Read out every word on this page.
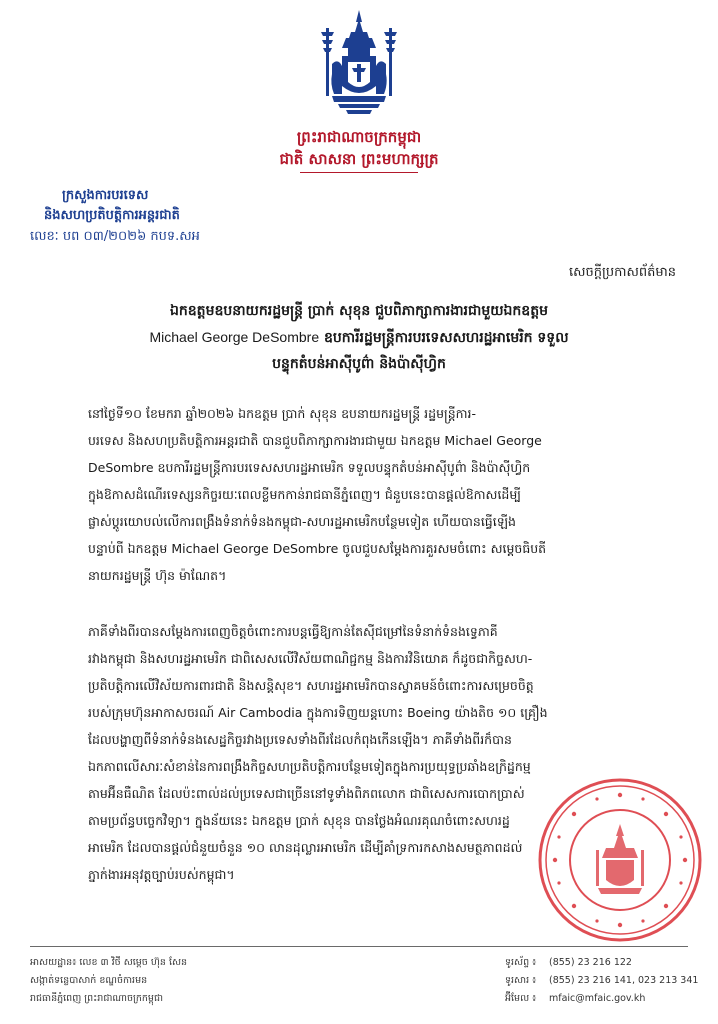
ព្រះរាជាណាចក្រកម្ពុជា
ជាតិ សាសនា ព្រះមហាក្សត្រ
ក្រសួងការបរទេស
និងសហប្រតិបត្តិការអន្តរជាតិ
លេខៈ បព ០៣/២០២៦ កបទ.សអ
សេចក្តីប្រកាសព័ត៌មាន
ឯកឧត្តមឧបនាយករដ្ឋមន្ត្រី ប្រាក់ សុខុន ជួបពិភាក្សាការងារជាមួយឯកឧត្តម
Michael George DeSombre ឧបការីរដ្ឋមន្ត្រីការបរទេសសហរដ្ឋអាមេរិក ទទួល
បន្ទុកតំបន់អាស៊ីបូព៌ា និងប៉ាស៊ីហ្វិក
នៅថ្ងៃទី១០ ខែមករា ឆ្នាំ២០២៦ ឯកឧត្តម ប្រាក់ សុខុន ឧបនាយករដ្ឋមន្ត្រី រដ្ឋមន្ត្រីការ-
បរទេស និងសហប្រតិបត្តិការអន្តរជាតិ បានជួបពិភាក្សាការងារជាមួយ ឯកឧត្តម Michael George
DeSombre ឧបការីរដ្ឋមន្ត្រីការបរទេសសហរដ្ឋអាមេរិក ទទួលបន្ទុកតំបន់អាស៊ីបូព៌ា និងប៉ាស៊ីហ្វិក
ក្នុងឱកាសដំណើរទេស្សនកិច្ចរយៈពេលខ្លីមកកាន់រាជធានីភ្នំពេញ។ ជំនួបនេះបានផ្តល់ឱកាសដើម្បី
ផ្លាស់ប្តូរយោបល់លើការពង្រឹងទំនាក់ទំនងកម្ពុជា-សហរដ្ឋអាមេរិកបន្ថែមទៀត ហើយបានធ្វើឡើង
បន្ទាប់ពី ឯកឧត្តម Michael George DeSombre ចូលជួបសម្តែងការគួរសមចំពោះ សម្តេចធិបតី
នាយករដ្ឋមន្ត្រី ហ៊ុន ម៉ាណែត។
ភាគីទាំងពីរបានសម្តែងការពេញចិត្តចំពោះការបន្តធ្វើឱ្យកាន់តែស៊ីជម្រៅនៃទំនាក់ទំនងទ្វេភាគី
រវាងកម្ពុជា និងសហរដ្ឋអាមេរិក ជាពិសេសលើវិស័យពាណិជ្ជកម្ម និងការវិនិយោគ ក៏ដូចជាកិច្ចសហ-
ប្រតិបត្តិការលើវិស័យការពារជាតិ និងសន្តិសុខ។ សហរដ្ឋអាមេរិកបានស្វាគមន៍ចំពោះការសម្រេចចិត្ត
របស់ក្រុមហ៊ុនអាកាសចរណ៍ Air Cambodia ក្នុងការទិញយន្តហោះ Boeing យ៉ាងតិច ១០ គ្រឿង
ដែលបង្ហាញពីទំនាក់ទំនងសេដ្ឋកិច្ចរវាងប្រទេសទាំងពីរដែលកំពុងកើនឡើង។ ភាគីទាំងពីរក៏បាន
ឯកភាពលើសារៈសំខាន់នៃការពង្រឹងកិច្ចសហប្រតិបត្តិការបន្ថែមទៀតក្នុងការប្រយុទ្ធប្រឆាំងឧក្រិដ្ឋកម្ម
តាមអ៊ីនធឺណិត ដែលប៉ះពាល់ដល់ប្រទេសជាច្រើននៅទូទាំងពិភពលោក ជាពិសេសការបោកប្រាស់
តាមប្រព័ន្ធបច្ចេកវិទ្យា។ ក្នុងន័យនេះ ឯកឧត្តម ប្រាក់ សុខុន បានថ្លែងអំណរគុណចំពោះសហរដ្ឋ
អាមេរិក ដែលបានផ្តល់ជំនួយចំនួន ១០ លានដុល្លារអាមេរិក ដើម្បីគាំទ្រការកសាងសមត្ថភាពដល់
ភ្នាក់ងារអនុវត្តច្បាប់របស់កម្ពុជា។
អាសយដ្ឋាន៖ លេខ ៣ វិថី សម្តេច ហ៊ុន សែន
សង្កាត់ទន្លេបាសាក់ ខណ្ឌចំការមន
រាជធានីភ្នំពេញ ព្រះរាជាណាចក្រកម្ពុជា
ទូរស័ព្ទ ៖ (855) 23 216 122
ទូរសារ ៖ (855) 23 216 141, 023 213 341
អ៊ីមែល ៖ mfaic@mfaic.gov.kh
